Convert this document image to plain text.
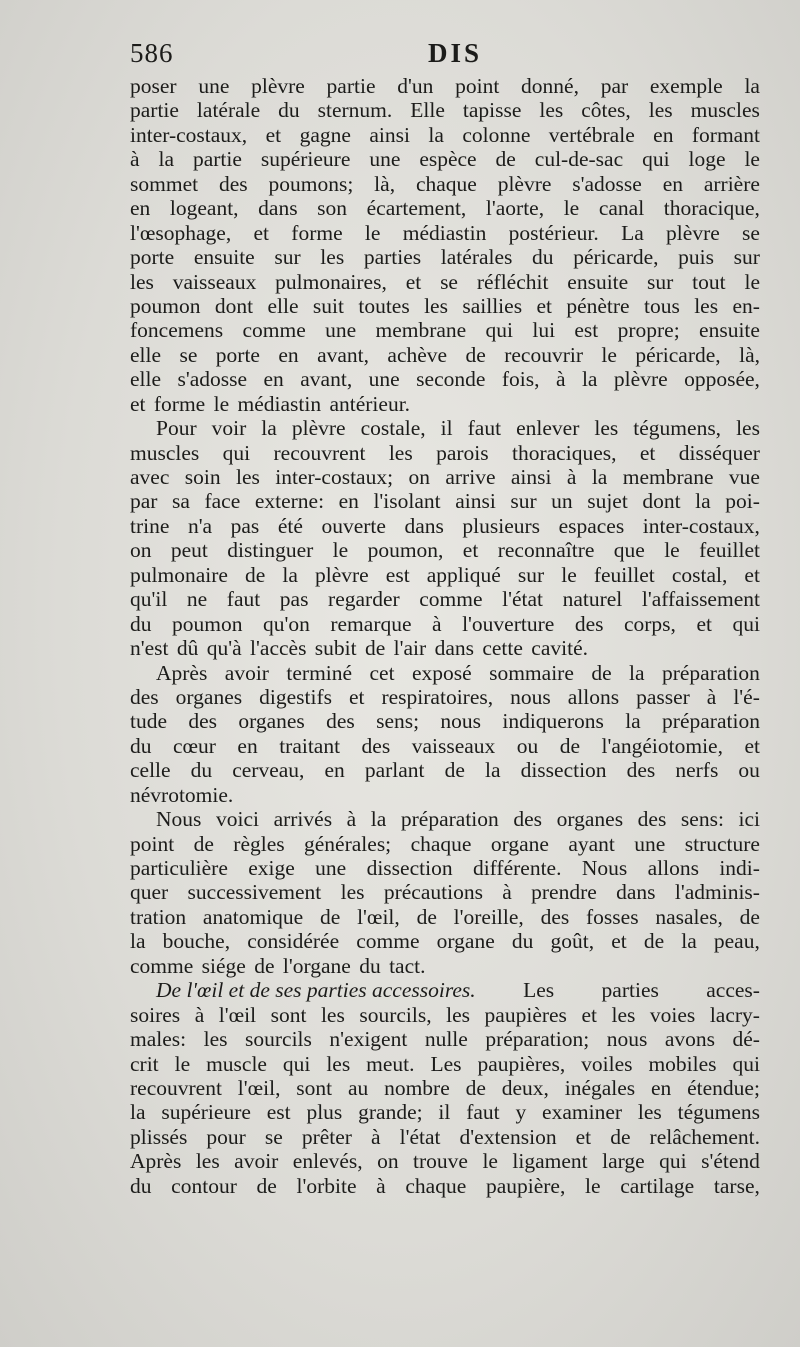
586	DIS
poser une plèvre partie d'un point donné, par exemple la
partie latérale du sternum. Elle tapisse les côtes, les muscles
inter-costaux, et gagne ainsi la colonne vertébrale en formant
à la partie supérieure une espèce de cul-de-sac qui loge le
sommet des poumons; là, chaque plèvre s'adosse en arrière
en logeant, dans son écartement, l'aorte, le canal thoracique,
l'œsophage, et forme le médiastin postérieur. La plèvre se
porte ensuite sur les parties latérales du péricarde, puis sur
les vaisseaux pulmonaires, et se réfléchit ensuite sur tout le
poumon dont elle suit toutes les saillies et pénètre tous les en-
foncemens comme une membrane qui lui est propre; ensuite
elle se porte en avant, achève de recouvrir le péricarde, là,
elle s'adosse en avant, une seconde fois, à la plèvre opposée,
et forme le médiastin antérieur.
Pour voir la plèvre costale, il faut enlever les tégumens, les
muscles qui recouvrent les parois thoraciques, et disséquer
avec soin les inter-costaux; on arrive ainsi à la membrane vue
par sa face externe: en l'isolant ainsi sur un sujet dont la poi-
trine n'a pas été ouverte dans plusieurs espaces inter-costaux,
on peut distinguer le poumon, et reconnaître que le feuillet
pulmonaire de la plèvre est appliqué sur le feuillet costal, et
qu'il ne faut pas regarder comme l'état naturel l'affaissement
du poumon qu'on remarque à l'ouverture des corps, et qui
n'est dû qu'à l'accès subit de l'air dans cette cavité.
Après avoir terminé cet exposé sommaire de la préparation
des organes digestifs et respiratoires, nous allons passer à l'é-
tude des organes des sens; nous indiquerons la préparation
du cœur en traitant des vaisseaux ou de l'angéiotomie, et
celle du cerveau, en parlant de la dissection des nerfs ou
névrotomie.
Nous voici arrivés à la préparation des organes des sens: ici
point de règles générales; chaque organe ayant une structure
particulière exige une dissection différente. Nous allons indi-
quer successivement les précautions à prendre dans l'adminis-
tration anatomique de l'œil, de l'oreille, des fosses nasales, de
la bouche, considérée comme organe du goût, et de la peau,
comme siége de l'organe du tact.
De l'œil et de ses parties accessoires. Les parties acces-
soires à l'œil sont les sourcils, les paupières et les voies lacry-
males: les sourcils n'exigent nulle préparation; nous avons dé-
crit le muscle qui les meut. Les paupières, voiles mobiles qui
recouvrent l'œil, sont au nombre de deux, inégales en étendue;
la supérieure est plus grande; il faut y examiner les tégumens
plissés pour se prêter à l'état d'extension et de relâchement.
Après les avoir enlevés, on trouve le ligament large qui s'étend
du contour de l'orbite à chaque paupière, le cartilage tarse,
